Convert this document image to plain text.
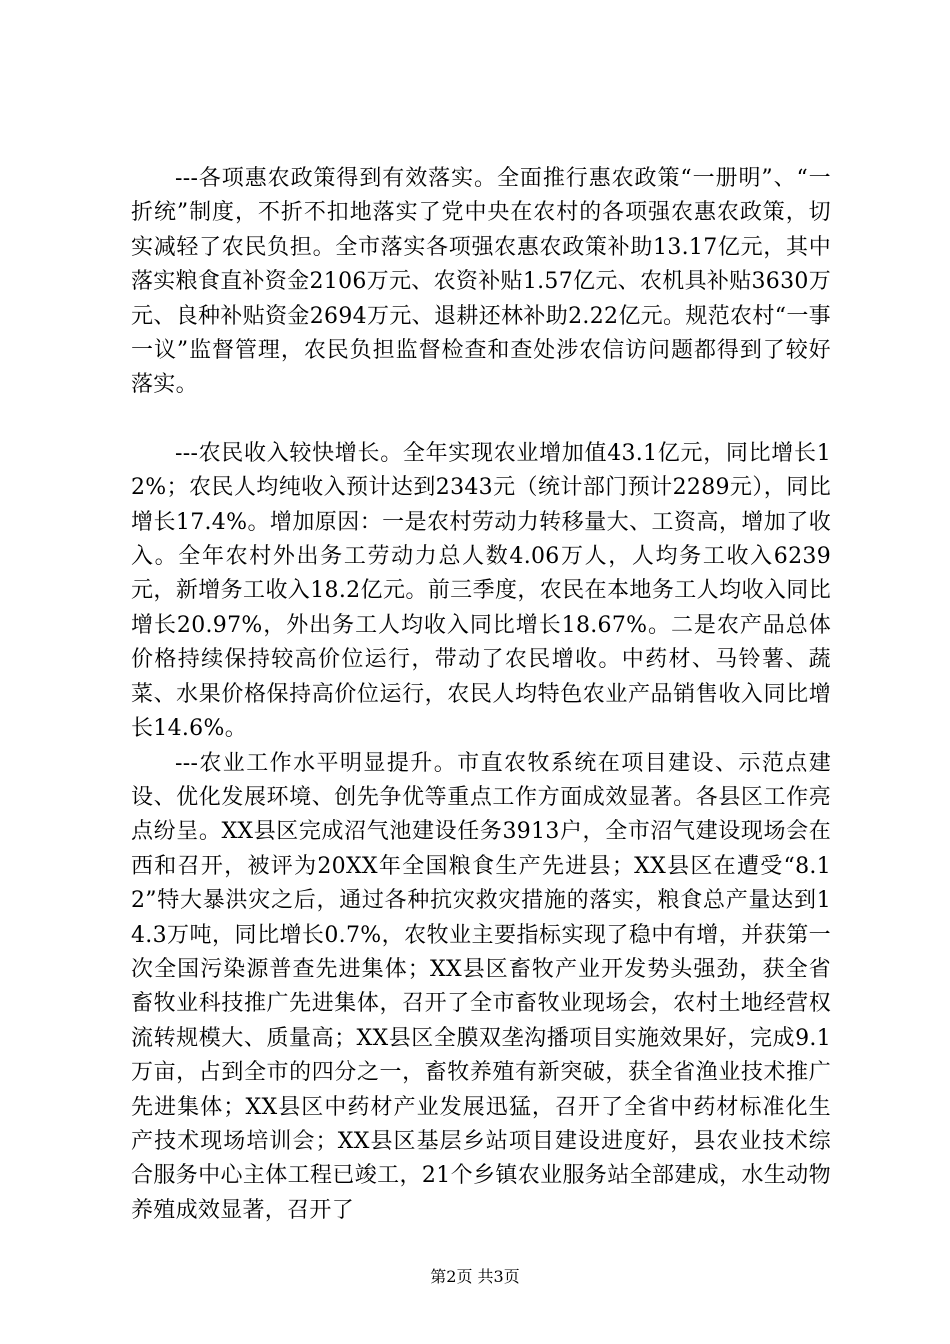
---各项惠农政策得到有效落实。全面推行惠农政策“一册明”、“一折统”制度，不折不扣地落实了党中央在农村的各项强农惠农政策，切实减轻了农民负担。全市落实各项强农惠农政策补助13.17亿元，其中落实粮食直补资金2106万元、农资补贴1.57亿元、农机具补贴3630万元、良种补贴资金2694万元、退耕还林补助2.22亿元。规范农村“一事一议”监督管理，农民负担监督检查和查处涉农信访问题都得到了较好落实。

---农民收入较快增长。全年实现农业增加值43.1亿元，同比增长12%；农民人均纯收入预计达到2343元（统计部门预计2289元），同比增长17.4%。增加原因：一是农村劳动力转移量大、工资高，增加了收入。全年农村外出务工劳动力总人数4.06万人，人均务工收入6239元，新增务工收入18.2亿元。前三季度，农民在本地务工人均收入同比增长20.97%，外出务工人均收入同比增长18.67%。二是农产品总体价格持续保持较高价位运行，带动了农民增收。中药材、马铃薯、蔬菜、水果价格保持高价位运行，农民人均特色农业产品销售收入同比增长14.6%。

---农业工作水平明显提升。市直农牧系统在项目建设、示范点建设、优化发展环境、创先争优等重点工作方面成效显著。各县区工作亮点纷呈。XX县区完成沼气池建设任务3913户，全市沼气建设现场会在西和召开，被评为20XX年全国粮食生产先进县；XX县区在遭受“8.12”特大暴洪灾之后，通过各种抗灾救灾措施的落实，粮食总产量达到14.3万吨，同比增长0.7%，农牧业主要指标实现了稳中有增，并获第一次全国污染源普查先进集体；XX县区畜牧产业开发势头强劲，获全省畜牧业科技推广先进集体，召开了全市畜牧业现场会，农村土地经营权流转规模大、质量高；XX县区全膜双垄沟播项目实施效果好，完成9.1万亩，占到全市的四分之一，畜牧养殖有新突破，获全省渔业技术推广先进集体；XX县区中药材产业发展迅猛，召开了全省中药材标准化生产技术现场培训会；XX县区基层乡站项目建设进度好，县农业技术综合服务中心主体工程已竣工，21个乡镇农业服务站全部建成，水生动物养殖成效显著，召开了

第2页 共3页
